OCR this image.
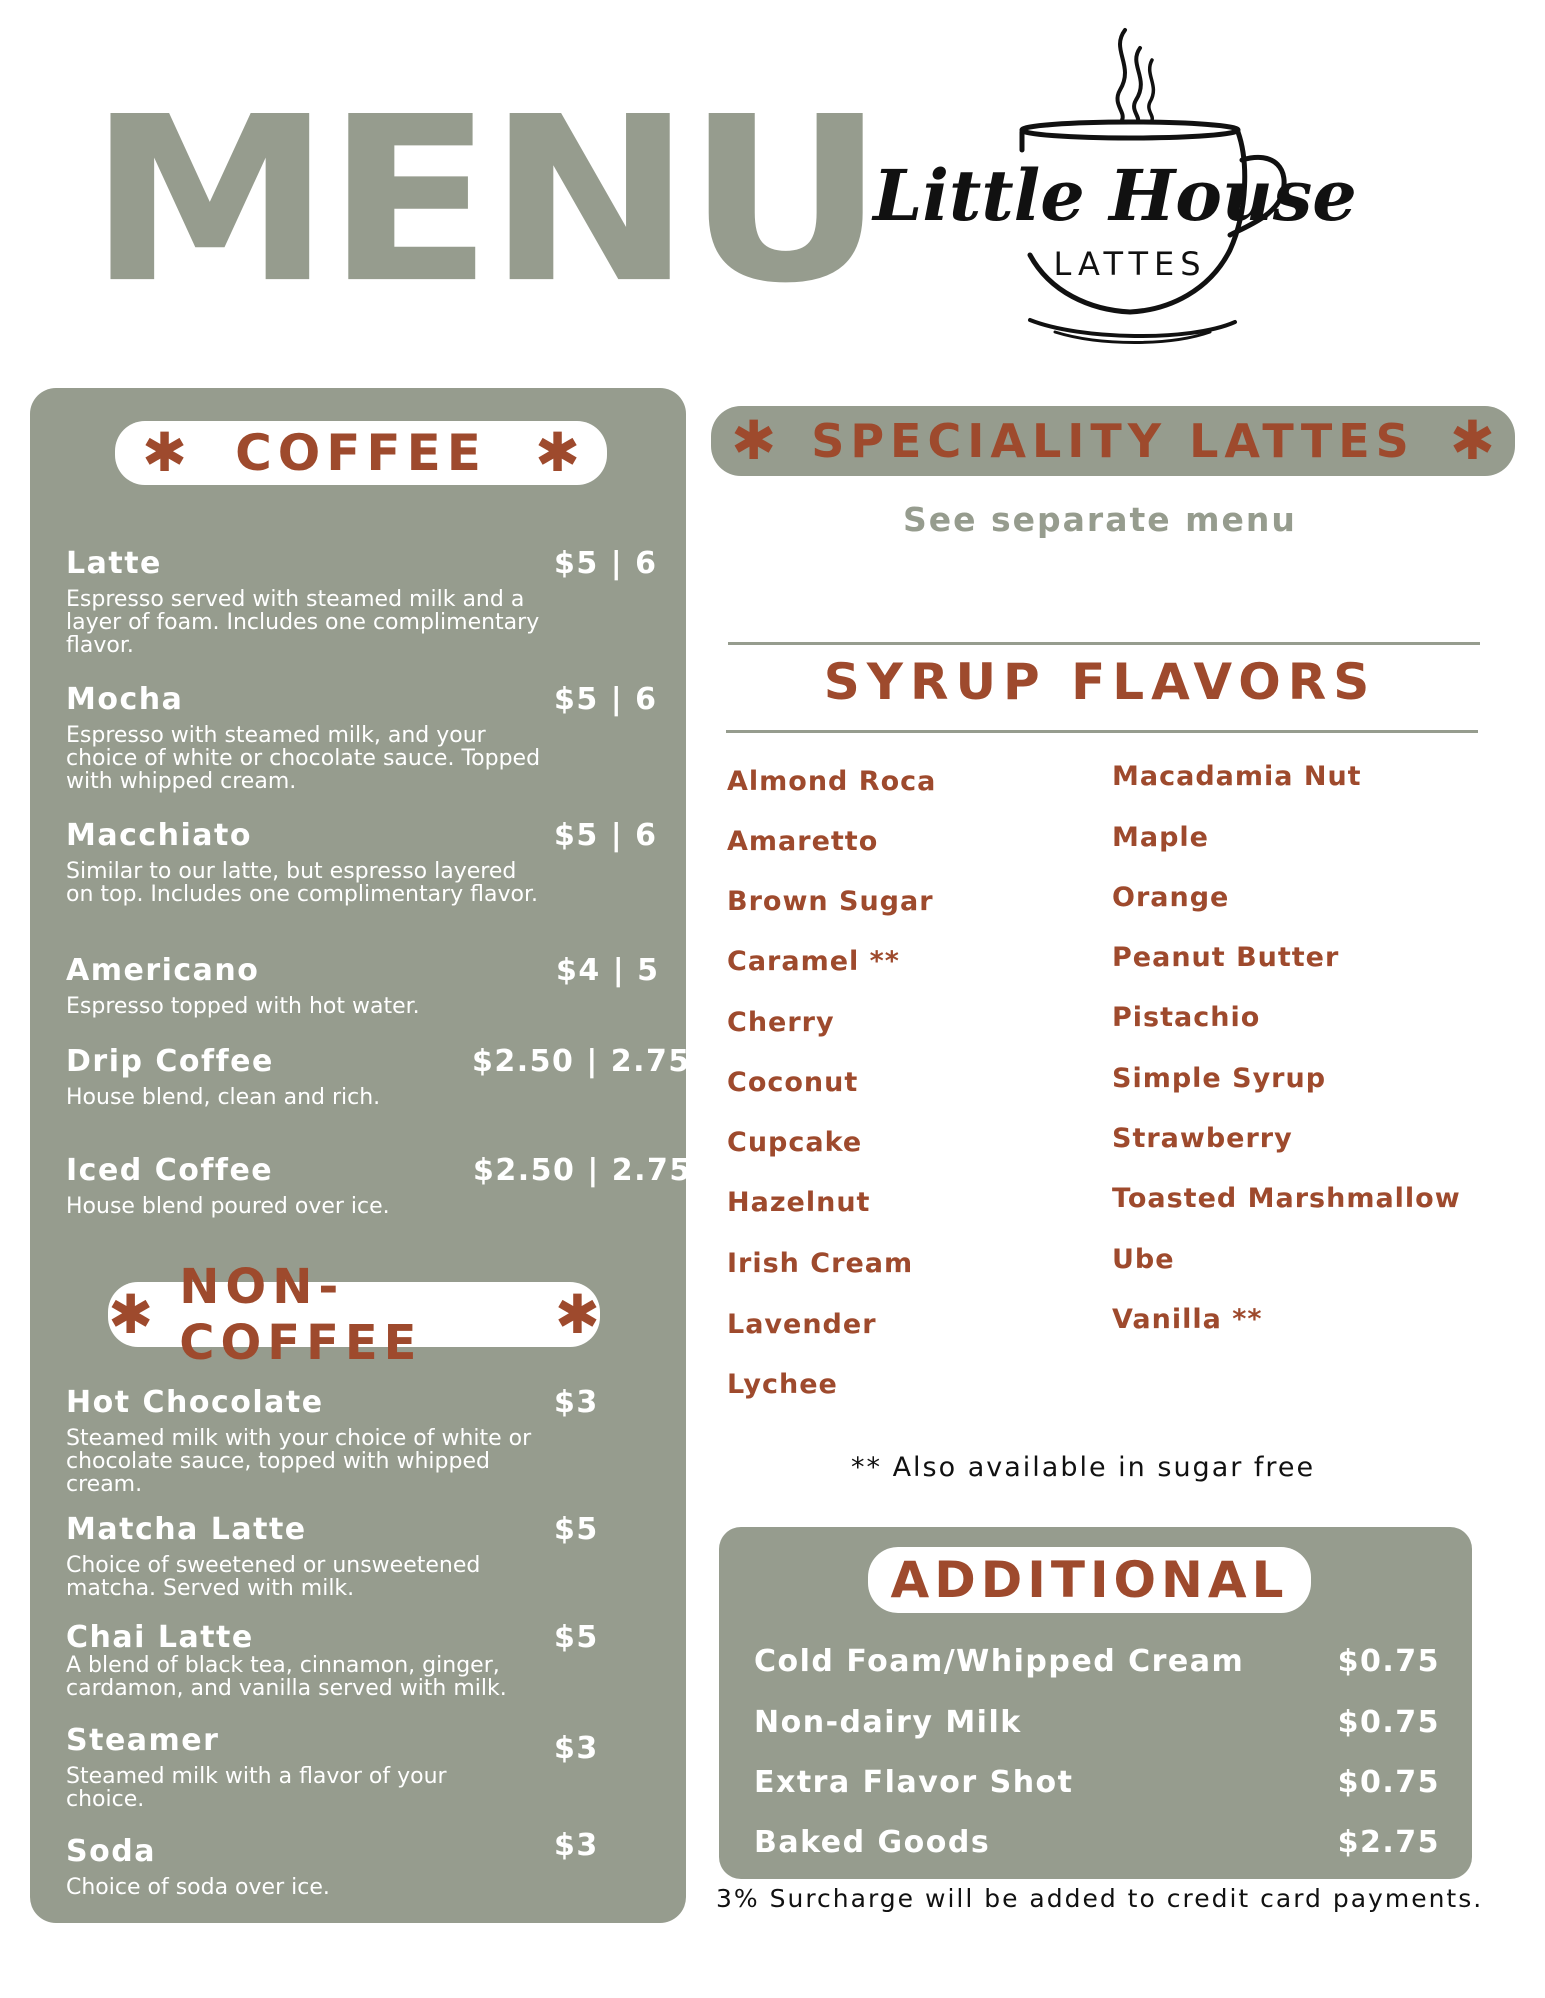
MENU
Little House
LATTES
✱ COFFEE ✱
Latte	$5 | 6
Espresso served with steamed milk and a layer of foam. Includes one complimentary flavor.
Mocha	$5 | 6
Espresso with steamed milk, and your choice of white or chocolate sauce. Topped with whipped cream.
Macchiato	$5 | 6
Similar to our latte, but espresso layered on top. Includes one complimentary flavor.
Americano	$4 | 5
Espresso topped with hot water.
Drip Coffee	$2.50 | 2.75
House blend, clean and rich.
Iced Coffee	$2.50 | 2.75
House blend poured over ice.
✱ NON-COFFEE	✱
Hot Chocolate	$3
Steamed milk with your choice of white or chocolate sauce, topped with whipped cream.
Matcha Latte	$5
Choice of sweetened or unsweetened matcha. Served with milk.
Chai Latte	$5
A blend of black tea, cinnamon, ginger, cardamon, and vanilla served with milk.
Steamer	$3
Steamed milk with a flavor of your choice.
Soda	$3
Choice of soda over ice.
✱ SPECIALITY LATTES ✱
See separate menu
SYRUP FLAVORS
Almond Roca
Amaretto
Brown Sugar
Caramel **
Cherry
Coconut
Cupcake
Hazelnut
Irish Cream
Lavender
Lychee
Macadamia Nut
Maple
Orange
Peanut Butter
Pistachio
Simple Syrup
Strawberry
Toasted Marshmallow
Ube
Vanilla **
** Also available in sugar free
ADDITIONAL
Cold Foam/Whipped Cream	$0.75
Non-dairy Milk	$0.75
Extra Flavor Shot	$0.75
Baked Goods	$2.75
3% Surcharge will be added to credit card payments.
